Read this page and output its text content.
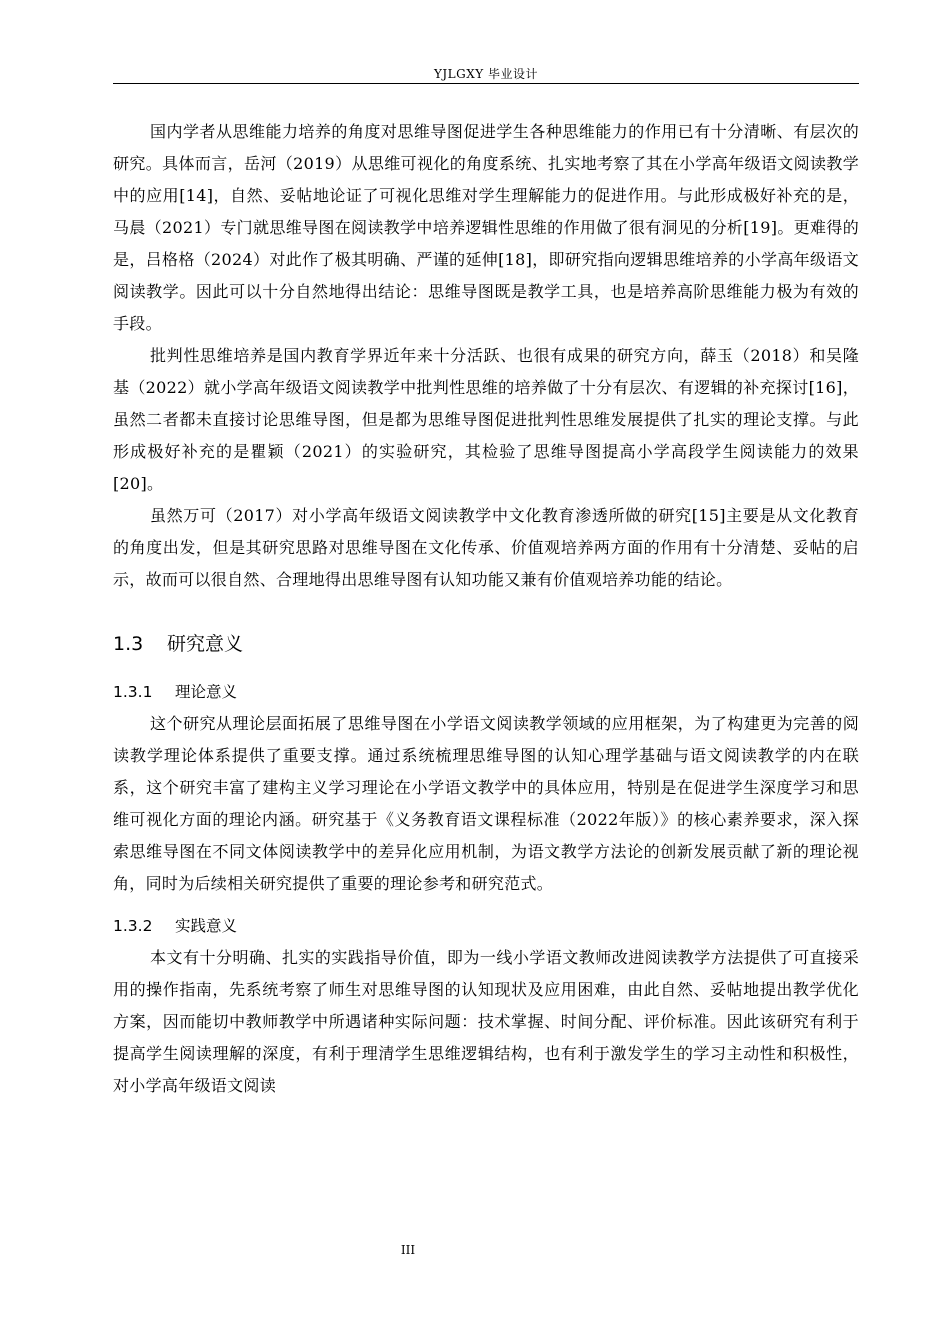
YJLGXY 毕业设计

国内学者从思维能力培养的角度对思维导图促进学生各种思维能力的作用已有十分清晰、有层次的研究。具体而言，岳河（2019）从思维可视化的角度系统、扎实地考察了其在小学高年级语文阅读教学中的应用[14]，自然、妥帖地论证了可视化思维对学生理解能力的促进作用。与此形成极好补充的是，马晨（2021）专门就思维导图在阅读教学中培养逻辑性思维的作用做了很有洞见的分析[19]。更难得的是，吕格格（2024）对此作了极其明确、严谨的延伸[18]，即研究指向逻辑思维培养的小学高年级语文阅读教学。因此可以十分自然地得出结论：思维导图既是教学工具，也是培养高阶思维能力极为有效的手段。

批判性思维培养是国内教育学界近年来十分活跃、也很有成果的研究方向，薛玉（2018）和吴隆基（2022）就小学高年级语文阅读教学中批判性思维的培养做了十分有层次、有逻辑的补充探讨[16]，虽然二者都未直接讨论思维导图，但是都为思维导图促进批判性思维发展提供了扎实的理论支撑。与此形成极好补充的是瞿颖（2021）的实验研究，其检验了思维导图提高小学高段学生阅读能力的效果[20]。

虽然万可（2017）对小学高年级语文阅读教学中文化教育渗透所做的研究[15]主要是从文化教育的角度出发，但是其研究思路对思维导图在文化传承、价值观培养两方面的作用有十分清楚、妥帖的启示，故而可以很自然、合理地得出思维导图有认知功能又兼有价值观培养功能的结论。

1.3 研究意义
1.3.1 理论意义

这个研究从理论层面拓展了思维导图在小学语文阅读教学领域的应用框架，为了构建更为完善的阅读教学理论体系提供了重要支撑。通过系统梳理思维导图的认知心理学基础与语文阅读教学的内在联系，这个研究丰富了建构主义学习理论在小学语文教学中的具体应用，特别是在促进学生深度学习和思维可视化方面的理论内涵。研究基于《义务教育语文课程标准（2022年版）》的核心素养要求，深入探索思维导图在不同文体阅读教学中的差异化应用机制，为语文教学方法论的创新发展贡献了新的理论视角，同时为后续相关研究提供了重要的理论参考和研究范式。

1.3.2 实践意义

本文有十分明确、扎实的实践指导价值，即为一线小学语文教师改进阅读教学方法提供了可直接采用的操作指南，先系统考察了师生对思维导图的认知现状及应用困难，由此自然、妥帖地提出教学优化方案，因而能切中教师教学中所遇诸种实际问题：技术掌握、时间分配、评价标准。因此该研究有利于提高学生阅读理解的深度，有利于理清学生思维逻辑结构，也有利于激发学生的学习主动性和积极性，对小学高年级语文阅读

III
